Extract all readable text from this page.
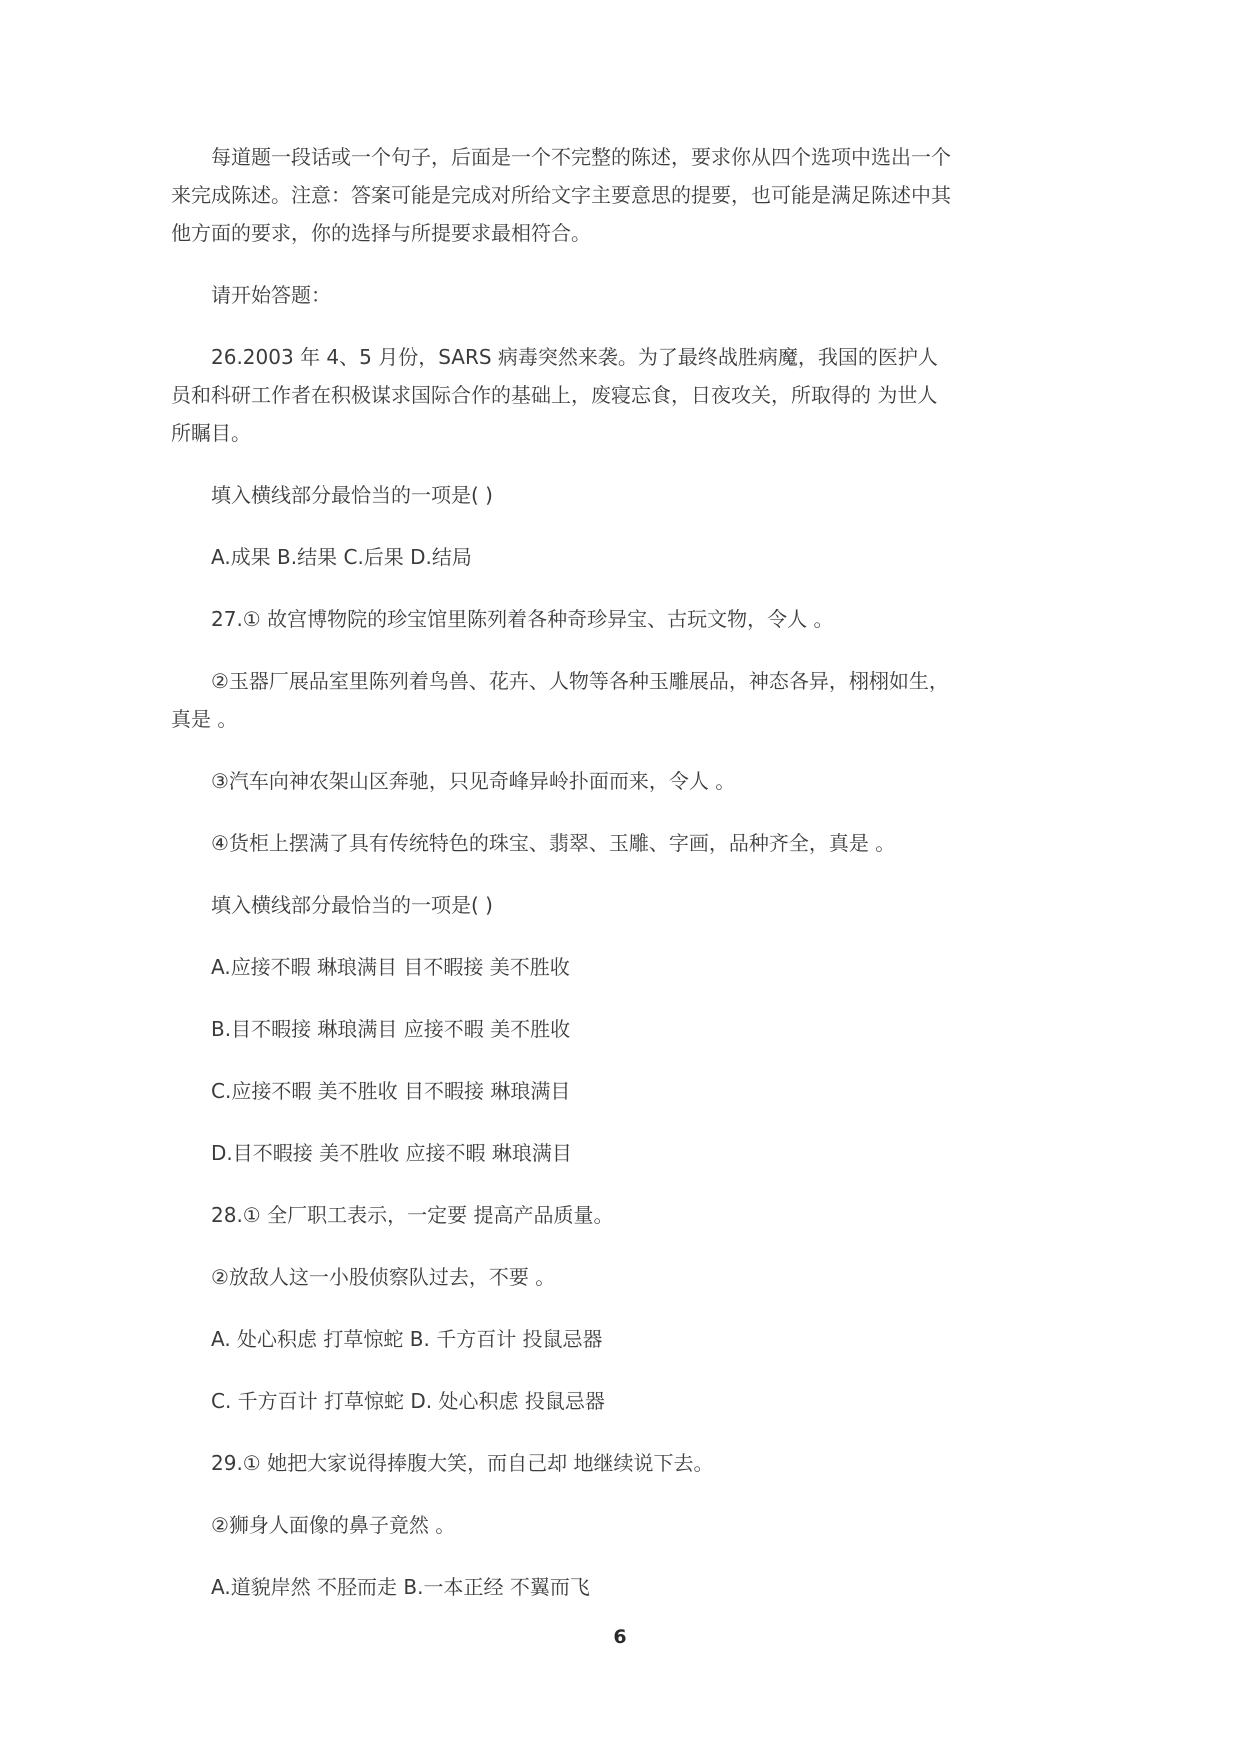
每道题一段话或一个句子，后面是一个不完整的陈述，要求你从四个选项中选出一个来完成陈述。注意：答案可能是完成对所给文字主要意思的提要，也可能是满足陈述中其他方面的要求，你的选择与所提要求最相符合。

请开始答题：

26.2003 年 4、5 月份，SARS 病毒突然来袭。为了最终战胜病魔，我国的医护人员和科研工作者在积极谋求国际合作的基础上，废寝忘食，日夜攻关，所取得的 为世人所瞩目。

填入横线部分最恰当的一项是( )

A.成果 B.结果 C.后果 D.结局

27.① 故宫博物院的珍宝馆里陈列着各种奇珍异宝、古玩文物，令人 。

②玉器厂展品室里陈列着鸟兽、花卉、人物等各种玉雕展品，神态各异，栩栩如生，真是 。

③汽车向神农架山区奔驰，只见奇峰异岭扑面而来，令人 。

④货柜上摆满了具有传统特色的珠宝、翡翠、玉雕、字画，品种齐全，真是 。

填入横线部分最恰当的一项是( )

A.应接不暇 琳琅满目 目不暇接 美不胜收

B.目不暇接 琳琅满目 应接不暇 美不胜收

C.应接不暇 美不胜收 目不暇接 琳琅满目

D.目不暇接 美不胜收 应接不暇 琳琅满目

28.① 全厂职工表示，一定要 提高产品质量。

②放敌人这一小股侦察队过去，不要 。

A. 处心积虑 打草惊蛇 B. 千方百计 投鼠忌器

C. 千方百计 打草惊蛇 D. 处心积虑 投鼠忌器

29.① 她把大家说得捧腹大笑，而自己却 地继续说下去。

②狮身人面像的鼻子竟然 。

A.道貌岸然 不胫而走 B.一本正经 不翼而飞

6
